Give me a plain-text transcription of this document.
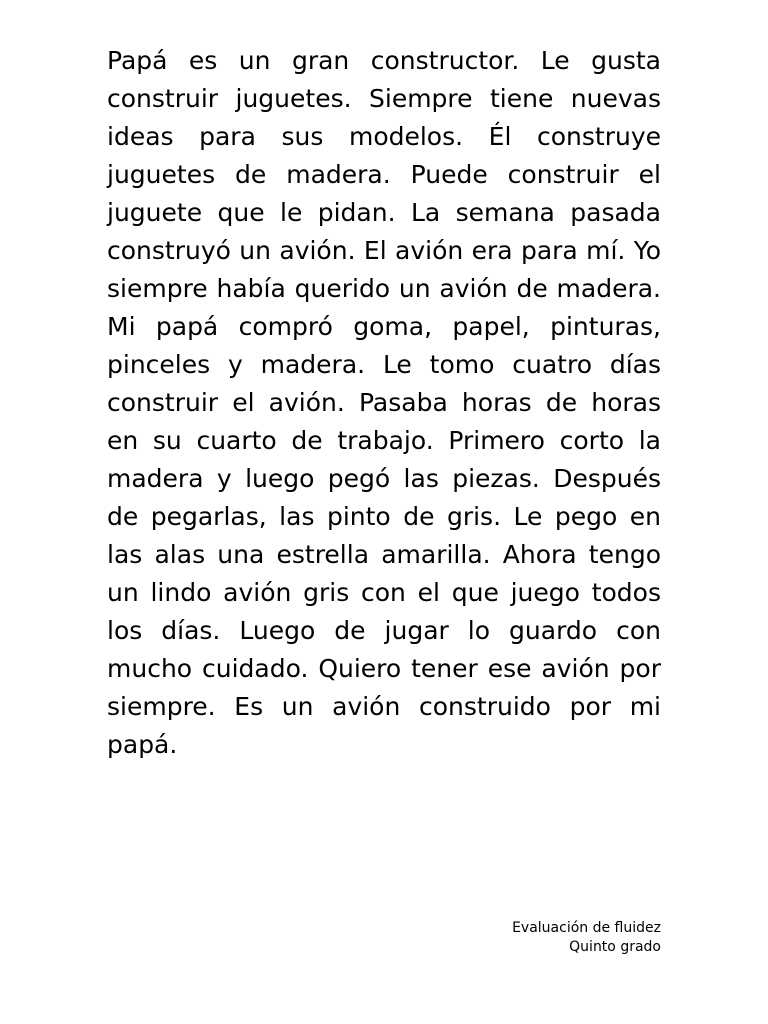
Papá es un gran constructor. Le gusta construir juguetes. Siempre tiene nuevas ideas para sus modelos. Él construye juguetes de madera. Puede construir el juguete que le pidan. La semana pasada construyó un avión. El avión era para mí. Yo siempre había querido un avión de madera. Mi papá compró goma, papel, pinturas, pinceles y madera. Le tomo cuatro días construir el avión. Pasaba horas de horas en su cuarto de trabajo. Primero corto la madera y luego pegó las piezas. Después de pegarlas, las pinto de gris. Le pego en las alas una estrella amarilla. Ahora tengo un lindo avión gris con el que juego todos los días. Luego de jugar lo guardo con mucho cuidado. Quiero tener ese avión por siempre. Es un avión construido por mi papá.

Evaluación de fluidez
Quinto grado
